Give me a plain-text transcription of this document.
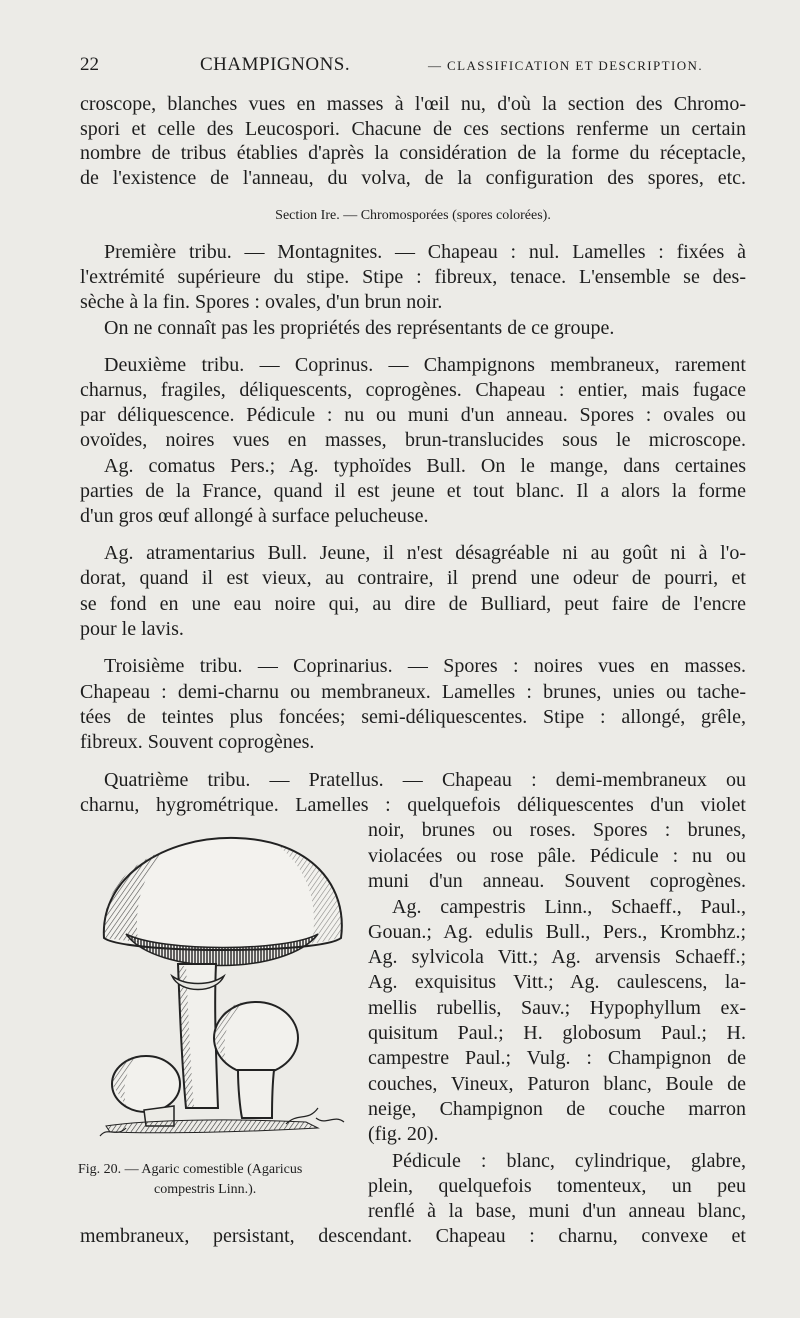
22	CHAMPIGNONS.	— CLASSIFICATION ET DESCRIPTION.
croscope, blanches vues en masses à l'œil nu, d'où la section des Chromo-
spori et celle des Leucospori. Chacune de ces sections renferme un certain
nombre de tribus établies d'après la considération de la forme du réceptacle,
de l'existence de l'anneau, du volva, de la configuration des spores, etc.
Section Ire. — Chromosporées (spores colorées).
Première tribu. — Montagnites. — Chapeau : nul. Lamelles : fixées à
l'extrémité supérieure du stipe. Stipe : fibreux, tenace. L'ensemble se des-
sèche à la fin. Spores : ovales, d'un brun noir.
On ne connaît pas les propriétés des représentants de ce groupe.
Deuxième tribu. — Coprinus. — Champignons membraneux, rarement
charnus, fragiles, déliquescents, coprogènes. Chapeau : entier, mais fugace
par déliquescence. Pédicule : nu ou muni d'un anneau. Spores : ovales ou
ovoïdes, noires vues en masses, brun-translucides sous le microscope.
Ag. comatus Pers.; Ag. typhoïdes Bull. On le mange, dans certaines
parties de la France, quand il est jeune et tout blanc. Il a alors la forme
d'un gros œuf allongé à surface pelucheuse.
Ag. atramentarius Bull. Jeune, il n'est désagréable ni au goût ni à l'o-
dorat, quand il est vieux, au contraire, il prend une odeur de pourri, et
se fond en une eau noire qui, au dire de Bulliard, peut faire de l'encre
pour le lavis.
Troisième tribu. — Coprinarius. — Spores : noires vues en masses.
Chapeau : demi-charnu ou membraneux. Lamelles : brunes, unies ou tache-
tées de teintes plus foncées; semi-déliquescentes. Stipe : allongé, grêle,
fibreux. Souvent coprogènes.
Quatrième tribu. — Pratellus. — Chapeau : demi-membraneux ou
charnu, hygrométrique. Lamelles : quelquefois déliquescentes d'un violet
noir, brunes ou roses. Spores : brunes,
violacées ou rose pâle. Pédicule : nu ou
muni d'un anneau. Souvent coprogènes.
Ag. campestris Linn., Schaeff., Paul.,
Gouan.; Ag. edulis Bull., Pers., Krombhz.;
Ag. sylvicola Vitt.; Ag. arvensis Schaeff.;
Ag. exquisitus Vitt.; Ag. caulescens, la-
mellis rubellis, Sauv.; Hypophyllum ex-
quisitum Paul.; H. globosum Paul.; H.
campestre Paul.; Vulg. : Champignon de
couches, Vineux, Paturon blanc, Boule de
neige, Champignon de couche marron
(fig. 20).
Pédicule : blanc, cylindrique, glabre,
plein, quelquefois tomenteux, un peu
renflé à la base, muni d'un anneau blanc,
membraneux, persistant, descendant. Chapeau : charnu, convexe et
Fig. 20. — Agaric comestible (Agaricus
compestris Linn.).
